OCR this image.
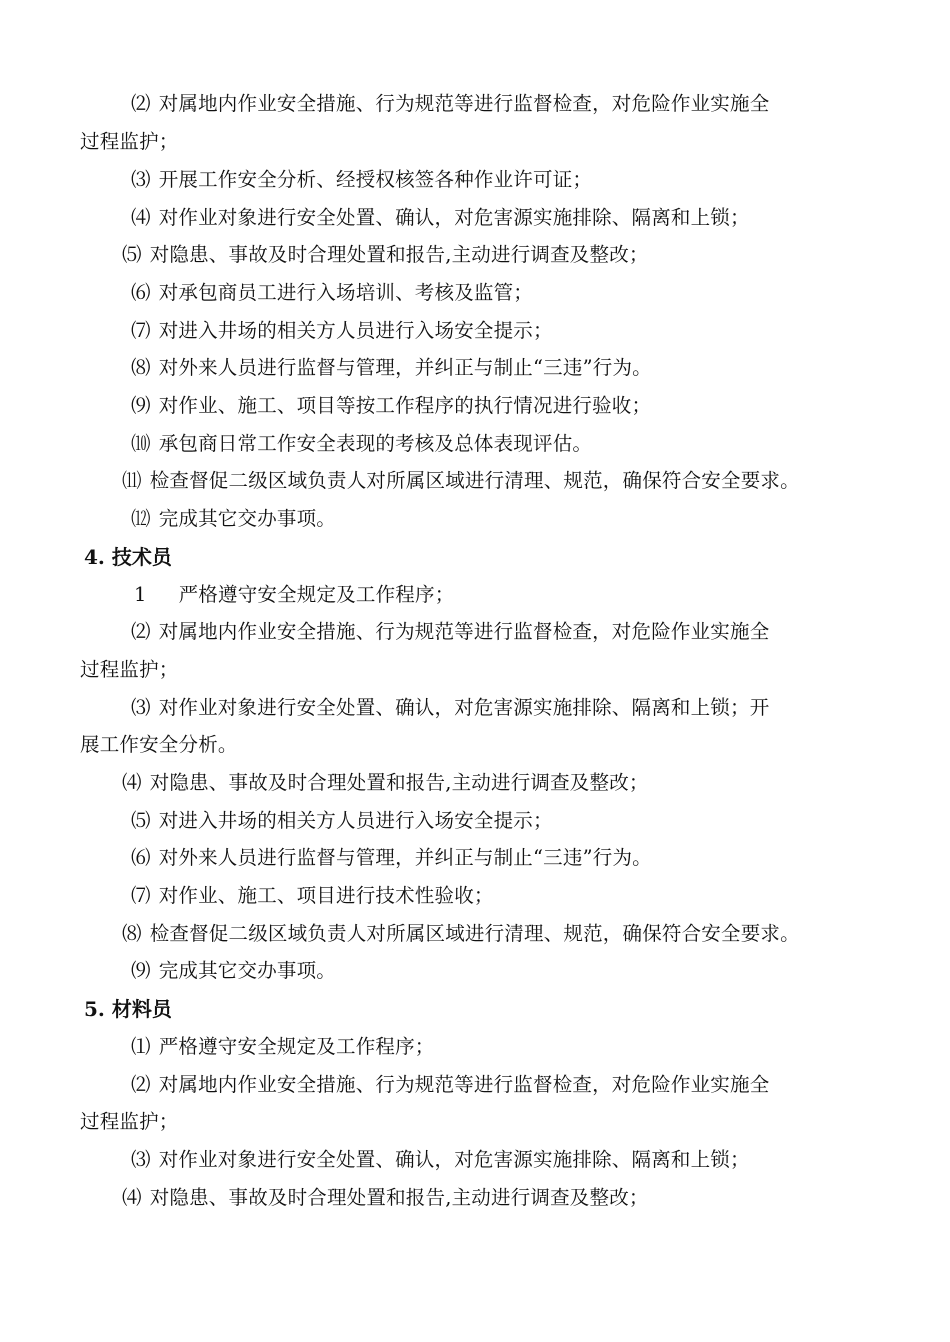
⑵ 对属地内作业安全措施、行为规范等进行监督检查，对危险作业实施全
过程监护；
⑶ 开展工作安全分析、经授权核签各种作业许可证；
⑷ 对作业对象进行安全处置、确认，对危害源实施排除、隔离和上锁；
⑸ 对隐患、事故及时合理处置和报告,主动进行调查及整改；
⑹ 对承包商员工进行入场培训、考核及监管；
⑺ 对进入井场的相关方人员进行入场安全提示；
⑻ 对外来人员进行监督与管理，并纠正与制止“三违”行为。
⑼ 对作业、施工、项目等按工作程序的执行情况进行验收；
⑽ 承包商日常工作安全表现的考核及总体表现评估。
⑾ 检查督促二级区域负责人对所属区域进行清理、规范，确保符合安全要求。
⑿ 完成其它交办事项。
4. 技术员
1 严格遵守安全规定及工作程序；
⑵ 对属地内作业安全措施、行为规范等进行监督检查，对危险作业实施全
过程监护；
⑶ 对作业对象进行安全处置、确认，对危害源实施排除、隔离和上锁；开
展工作安全分析。
⑷ 对隐患、事故及时合理处置和报告,主动进行调查及整改；
⑸ 对进入井场的相关方人员进行入场安全提示；
⑹ 对外来人员进行监督与管理，并纠正与制止“三违”行为。
⑺ 对作业、施工、项目进行技术性验收；
⑻ 检查督促二级区域负责人对所属区域进行清理、规范，确保符合安全要求。
⑼ 完成其它交办事项。
5. 材料员
⑴ 严格遵守安全规定及工作程序；
⑵ 对属地内作业安全措施、行为规范等进行监督检查，对危险作业实施全
过程监护；
⑶ 对作业对象进行安全处置、确认，对危害源实施排除、隔离和上锁；
⑷ 对隐患、事故及时合理处置和报告,主动进行调查及整改；
